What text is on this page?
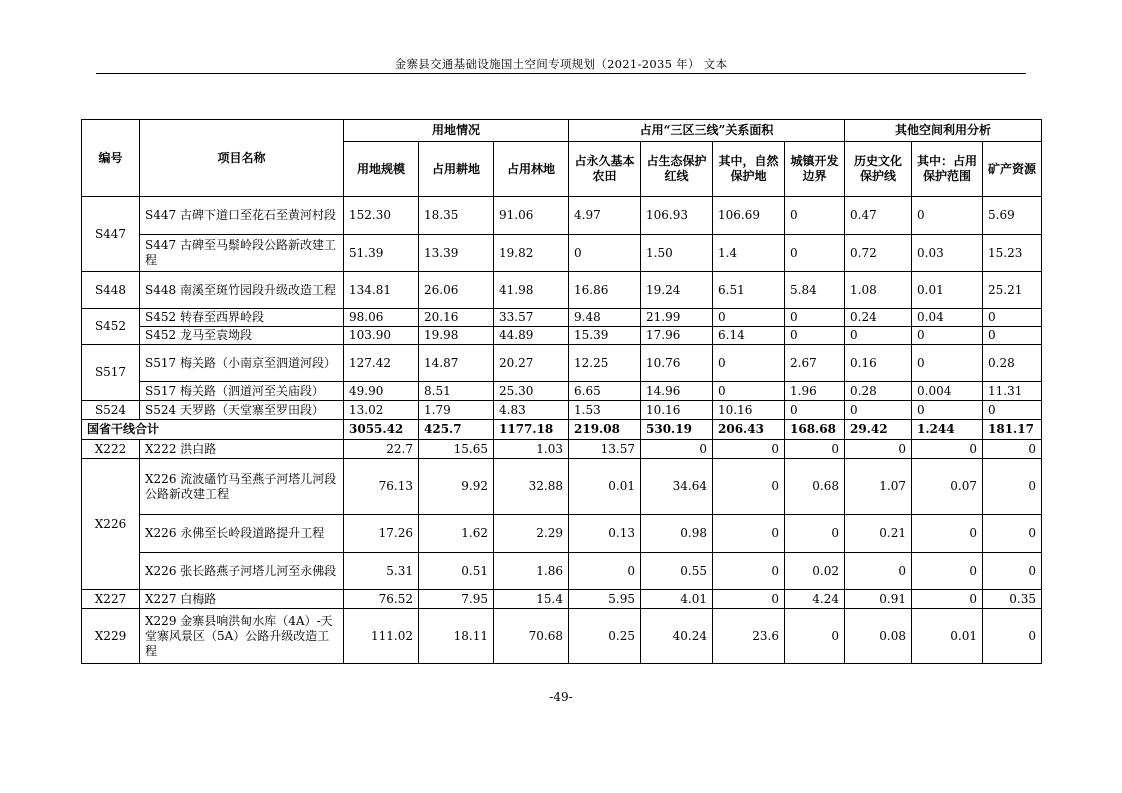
金寨县交通基础设施国土空间专项规划（2021-2035 年） 文本
编号	项目名称	用地情况			占用“三区三线”关系面积				其他空间利用分析		
		用地规模	占用耕地	占用林地	占永久基本农田	占生态保护红线	其中，自然保护地	城镇开发边界	历史文化保护线	其中：占用保护范围	矿产资源
S447	S447 古碑下道口至花石至黄河村段	152.30	18.35	91.06	4.97	106.93	106.69	0	0.47	0	5.69
	S447 古碑至马鬃岭段公路新改建工程	51.39	13.39	19.82	0	1.50	1.4	0	0.72	0.03	15.23
S448	S448 南溪至斑竹园段升级改造工程	134.81	26.06	41.98	16.86	19.24	6.51	5.84	1.08	0.01	25.21
S452	S452 转春至西界岭段	98.06	20.16	33.57	9.48	21.99	0	0	0.24	0.04	0
	S452 龙马至袁坳段	103.90	19.98	44.89	15.39	17.96	6.14	0	0	0	0
S517	S517 梅关路（小南京至泗道河段）	127.42	14.87	20.27	12.25	10.76	0	2.67	0.16	0	0.28
	S517 梅关路（泗道河至关庙段）	49.90	8.51	25.30	6.65	14.96	0	1.96	0.28	0.004	11.31
S524	S524 天罗路（天堂寨至罗田段）	13.02	1.79	4.83	1.53	10.16	10.16	0	0	0	0
国省干线合计		3055.42	425.7	1177.18	219.08	530.19	206.43	168.68	29.42	1.244	181.17
X222	X222 洪白路	22.7	15.65	1.03	13.57	0	0	0	0	0	0
X226	X226 流波礚竹马至燕子河塔儿河段公路新改建工程	76.13	9.92	32.88	0.01	34.64	0	0.68	1.07	0.07	0
	X226 永佛至长岭段道路提升工程	17.26	1.62	2.29	0.13	0.98	0	0	0.21	0	0
	X226 张长路燕子河塔儿河至永佛段	5.31	0.51	1.86	0	0.55	0	0.02	0	0	0
X227	X227 白梅路	76.52	7.95	15.4	5.95	4.01	0	4.24	0.91	0	0.35
X229	X229 金寨县响洪甸水库（4A）-天堂寨风景区（5A）公路升级改造工程	111.02	18.11	70.68	0.25	40.24	23.6	0	0.08	0.01	0
-49-
